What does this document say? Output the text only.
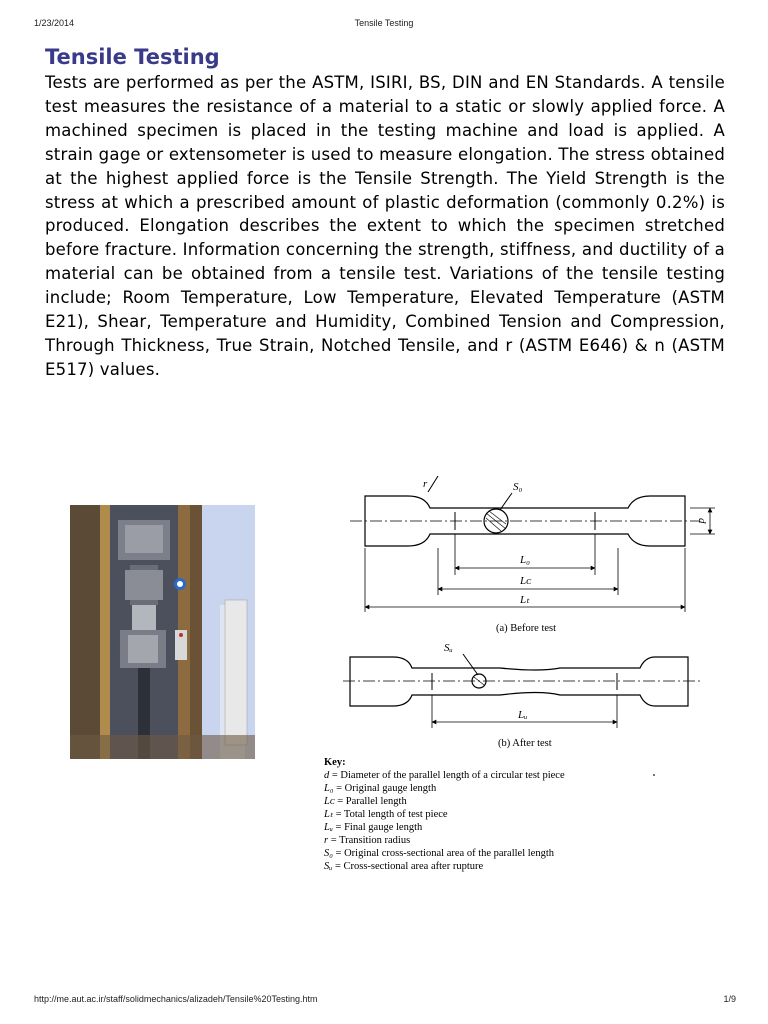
1/23/2014	Tensile Testing
Tensile Testing
Tests are performed as per the ASTM, ISIRI, BS, DIN and EN Standards. A tensile test measures the resistance of a material to a static or slowly applied force. A machined specimen is placed in the testing machine and load is applied. A strain gage or extensometer is used to measure elongation. The stress obtained at the highest applied force is the Tensile Strength. The Yield Strength is the stress at which a prescribed amount of plastic deformation (commonly 0.2%) is produced. Elongation describes the extent to which the specimen stretched before fracture. Information concerning the strength, stiffness, and ductility of a material can be obtained from a tensile test. Variations of the tensile testing include; Room Temperature, Low Temperature, Elevated Temperature (ASTM E21), Shear, Temperature and Humidity, Combined Tension and Compression, Through Thickness, True Strain, Notched Tensile, and r (ASTM E646) & n (ASTM E517) values.
r	S₀
d
L₀
Lᴄ
Lₜ
(a) Before test
Sᵤ
Lᵤ
(b) After test
Key:
d = Diameter of the parallel length of a circular test piece
L₀ = Original gauge length
Lᴄ = Parallel length
Lₜ = Total length of test piece
Lᵤ = Final gauge length
r = Transition radius
S₀ = Original cross-sectional area of the parallel length
Sᵤ = Cross-sectional area after rupture
http://me.aut.ac.ir/staff/solidmechanics/alizadeh/Tensile%20Testing.htm	1/9
